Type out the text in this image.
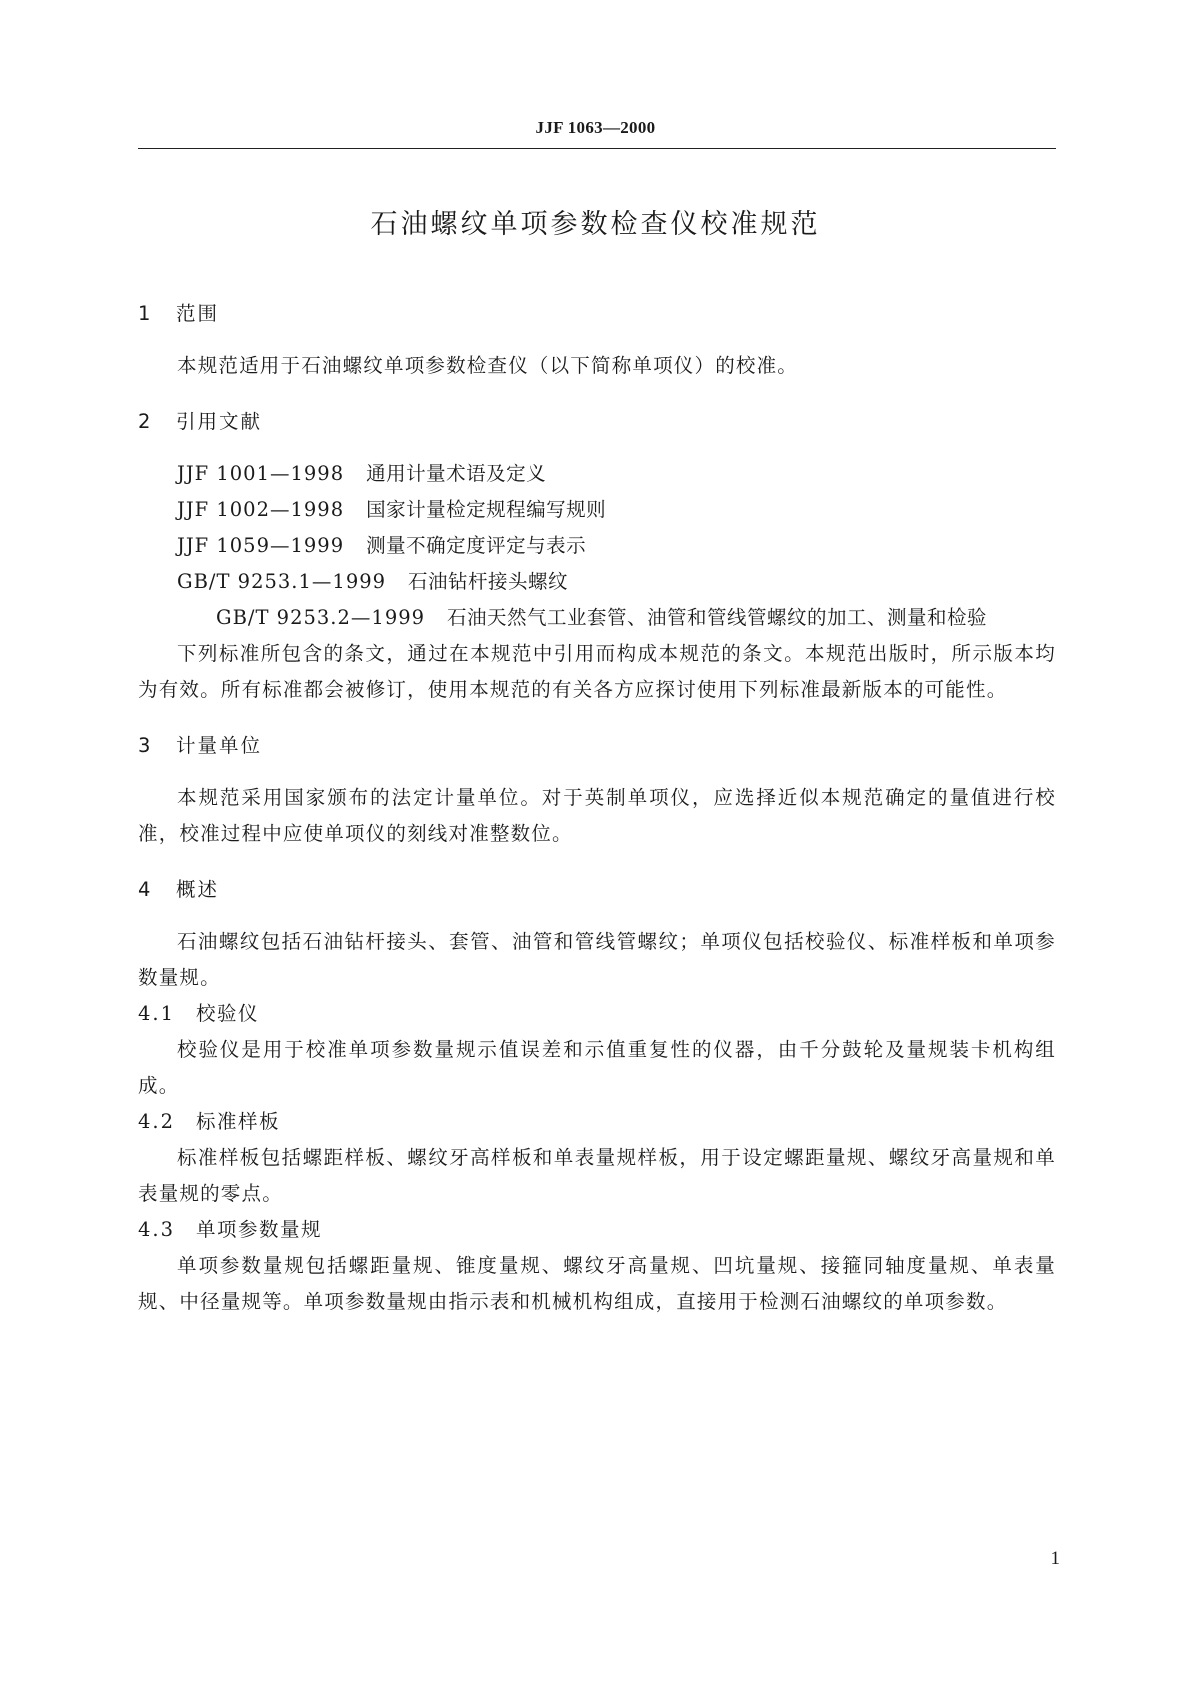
JJF 1063—2000
石油螺纹单项参数检查仪校准规范
1	范围
本规范适用于石油螺纹单项参数检查仪（以下简称单项仪）的校准。
2	引用文献
JJF 1001—1998 通用计量术语及定义
JJF 1002—1998 国家计量检定规程编写规则
JJF 1059—1999 测量不确定度评定与表示
GB/T 9253.1—1999 石油钻杆接头螺纹
GB/T 9253.2—1999 石油天然气工业套管、油管和管线管螺纹的加工、测量和检验
下列标准所包含的条文，通过在本规范中引用而构成本规范的条文。本规范出版时，所示版本均为有效。所有标准都会被修订，使用本规范的有关各方应探讨使用下列标准最新版本的可能性。
3	计量单位
本规范采用国家颁布的法定计量单位。对于英制单项仪，应选择近似本规范确定的量值进行校准，校准过程中应使单项仪的刻线对准整数位。
4	概述
石油螺纹包括石油钻杆接头、套管、油管和管线管螺纹；单项仪包括校验仪、标准样板和单项参数量规。
4.1 校验仪
校验仪是用于校准单项参数量规示值误差和示值重复性的仪器，由千分鼓轮及量规装卡机构组成。
4.2 标准样板
标准样板包括螺距样板、螺纹牙高样板和单表量规样板，用于设定螺距量规、螺纹牙高量规和单表量规的零点。
4.3 单项参数量规
单项参数量规包括螺距量规、锥度量规、螺纹牙高量规、凹坑量规、接箍同轴度量规、单表量规、中径量规等。单项参数量规由指示表和机械机构组成，直接用于检测石油螺纹的单项参数。
1
